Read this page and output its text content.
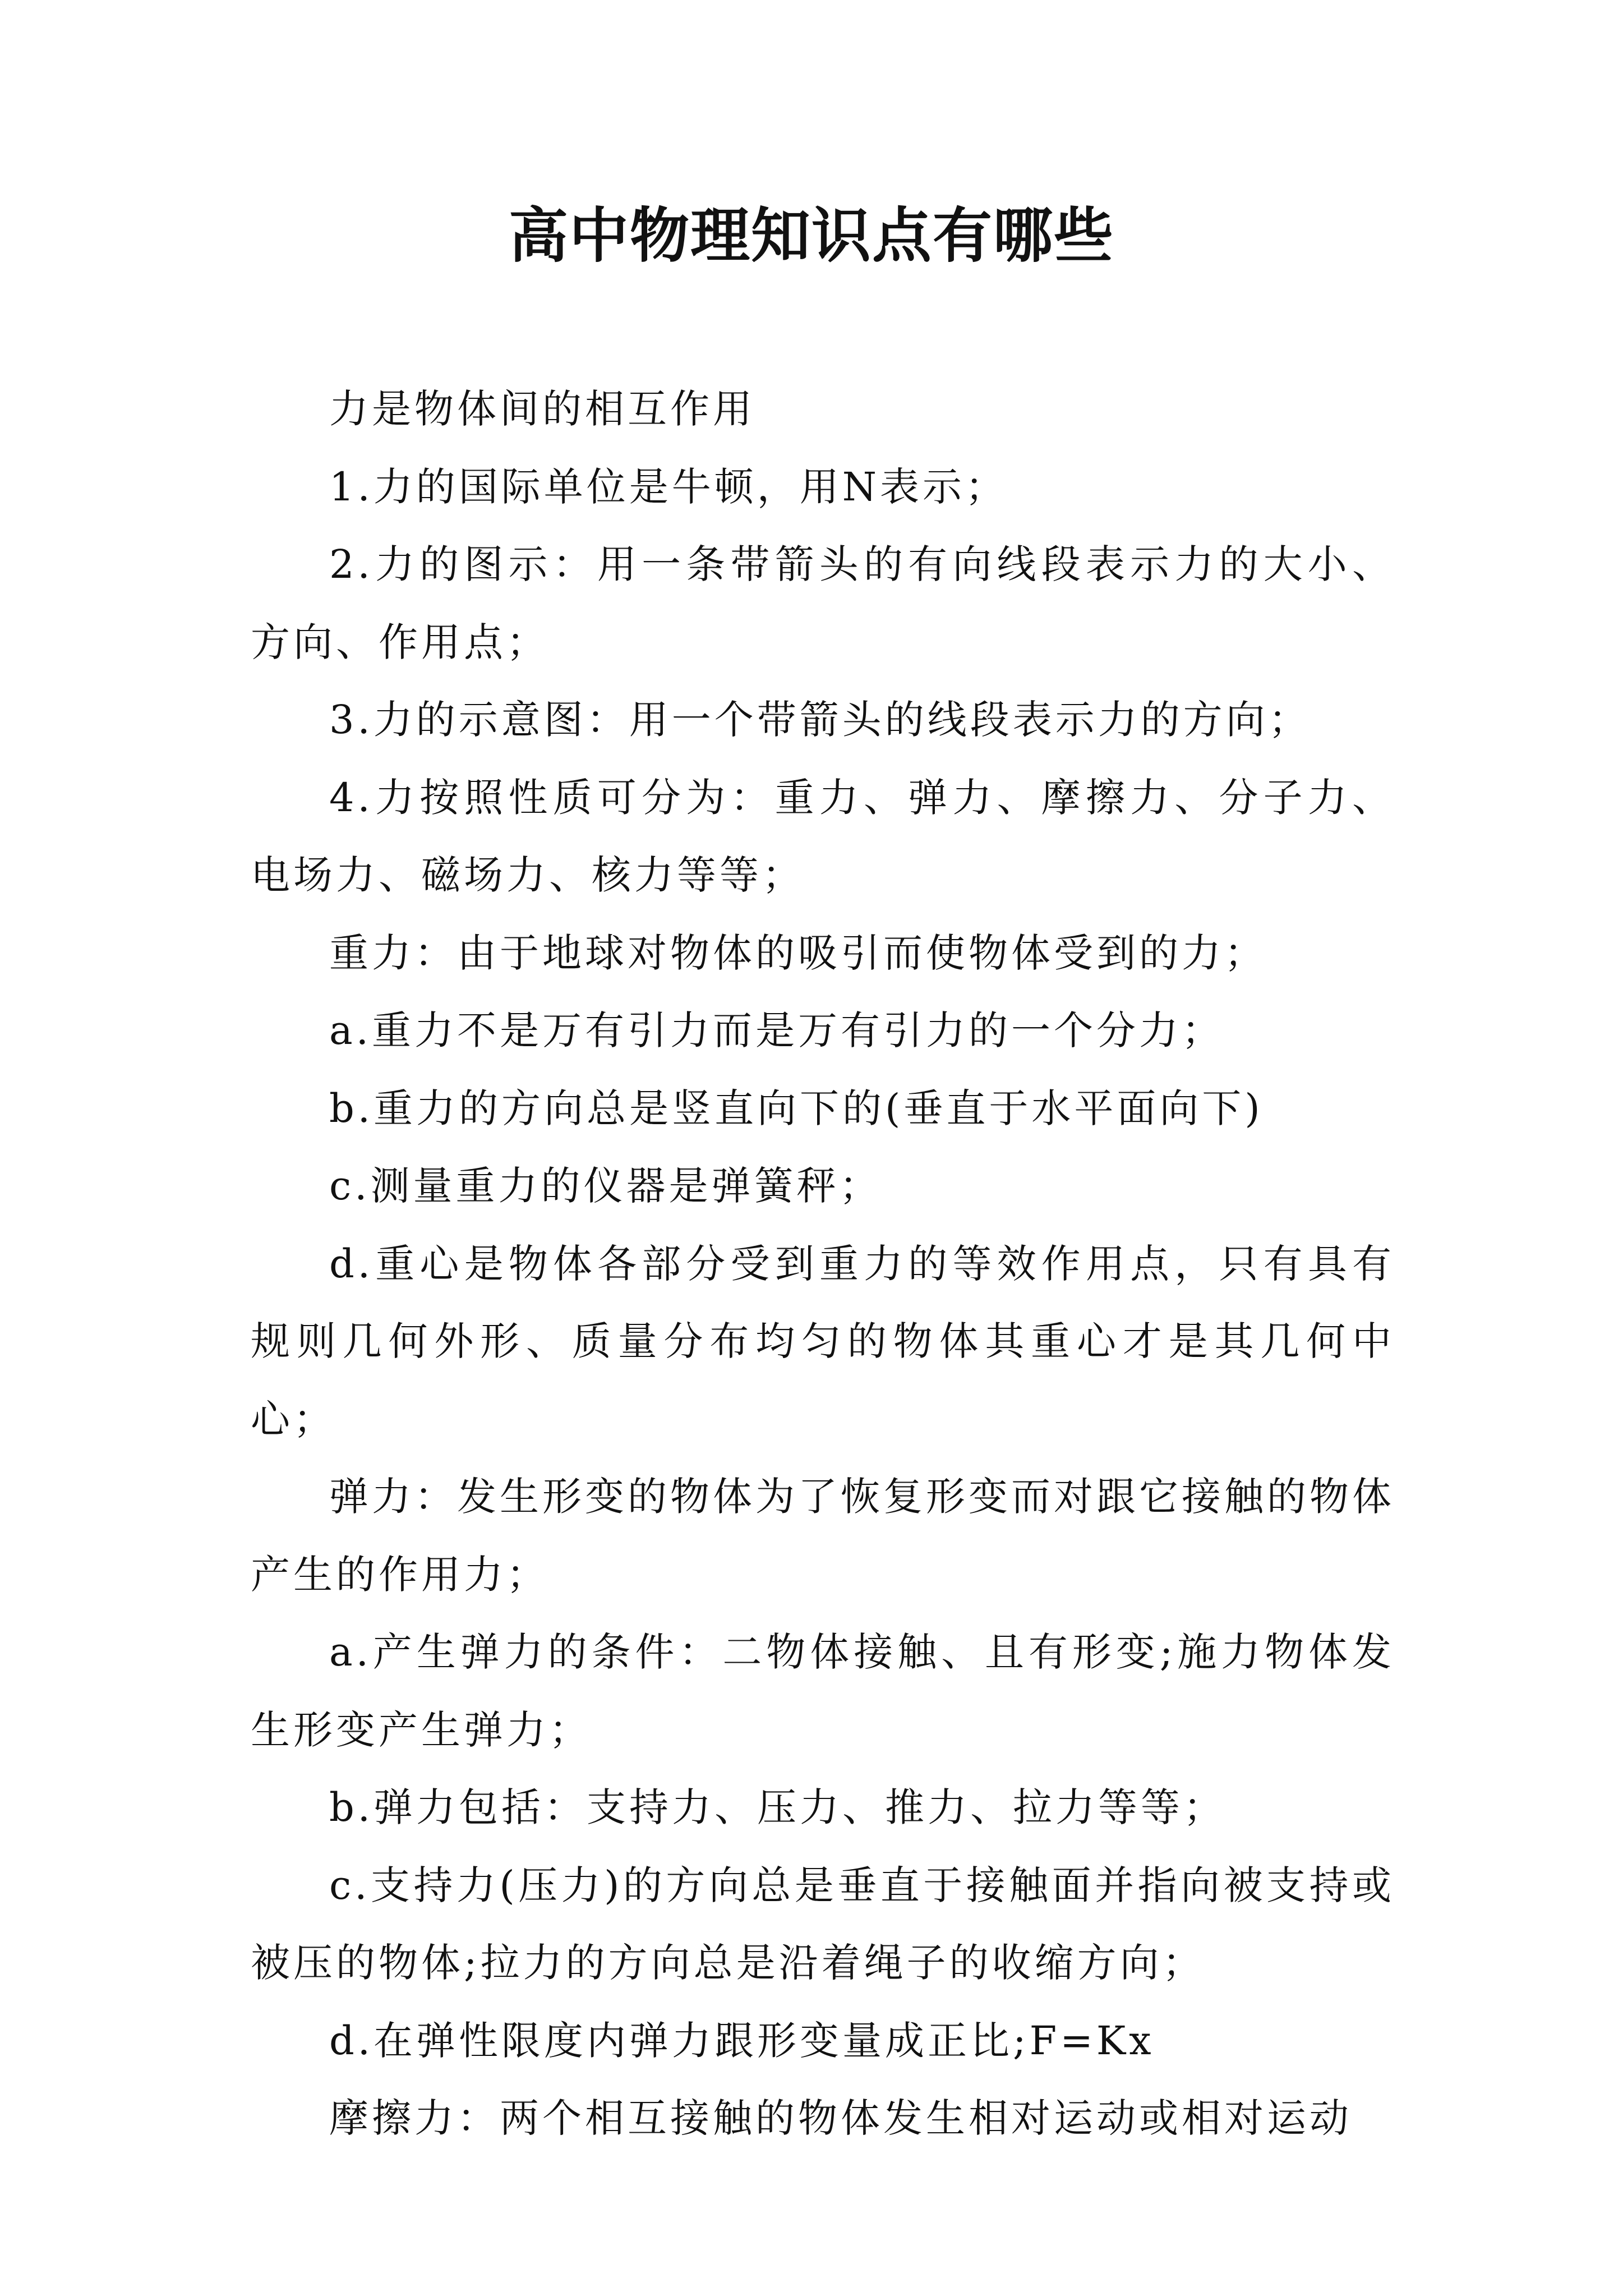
高中物理知识点有哪些

力是物体间的相互作用

1.力的国际单位是牛顿，用N表示；

2.力的图示：用一条带箭头的有向线段表示力的大小、方向、作用点；

3.力的示意图：用一个带箭头的线段表示力的方向；

4.力按照性质可分为：重力、弹力、摩擦力、分子力、电场力、磁场力、核力等等；

重力：由于地球对物体的吸引而使物体受到的力；

a.重力不是万有引力而是万有引力的一个分力；

b.重力的方向总是竖直向下的(垂直于水平面向下)

c.测量重力的仪器是弹簧秤；

d.重心是物体各部分受到重力的等效作用点，只有具有规则几何外形、质量分布均匀的物体其重心才是其几何中心；

弹力：发生形变的物体为了恢复形变而对跟它接触的物体产生的作用力；

a.产生弹力的条件：二物体接触、且有形变;施力物体发生形变产生弹力；

b.弹力包括：支持力、压力、推力、拉力等等；

c.支持力(压力)的方向总是垂直于接触面并指向被支持或被压的物体;拉力的方向总是沿着绳子的收缩方向；

d.在弹性限度内弹力跟形变量成正比;F=Kx

摩擦力：两个相互接触的物体发生相对运动或相对运动
